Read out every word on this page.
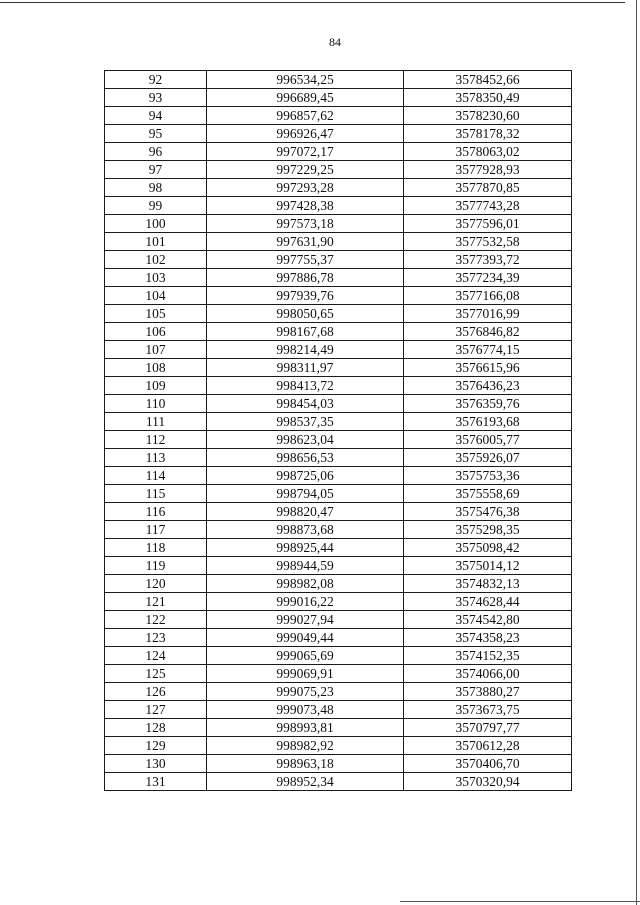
84
92	996534,25	3578452,66
93	996689,45	3578350,49
94	996857,62	3578230,60
95	996926,47	3578178,32
96	997072,17	3578063,02
97	997229,25	3577928,93
98	997293,28	3577870,85
99	997428,38	3577743,28
100	997573,18	3577596,01
101	997631,90	3577532,58
102	997755,37	3577393,72
103	997886,78	3577234,39
104	997939,76	3577166,08
105	998050,65	3577016,99
106	998167,68	3576846,82
107	998214,49	3576774,15
108	998311,97	3576615,96
109	998413,72	3576436,23
110	998454,03	3576359,76
111	998537,35	3576193,68
112	998623,04	3576005,77
113	998656,53	3575926,07
114	998725,06	3575753,36
115	998794,05	3575558,69
116	998820,47	3575476,38
117	998873,68	3575298,35
118	998925,44	3575098,42
119	998944,59	3575014,12
120	998982,08	3574832,13
121	999016,22	3574628,44
122	999027,94	3574542,80
123	999049,44	3574358,23
124	999065,69	3574152,35
125	999069,91	3574066,00
126	999075,23	3573880,27
127	999073,48	3573673,75
128	998993,81	3570797,77
129	998982,92	3570612,28
130	998963,18	3570406,70
131	998952,34	3570320,94
